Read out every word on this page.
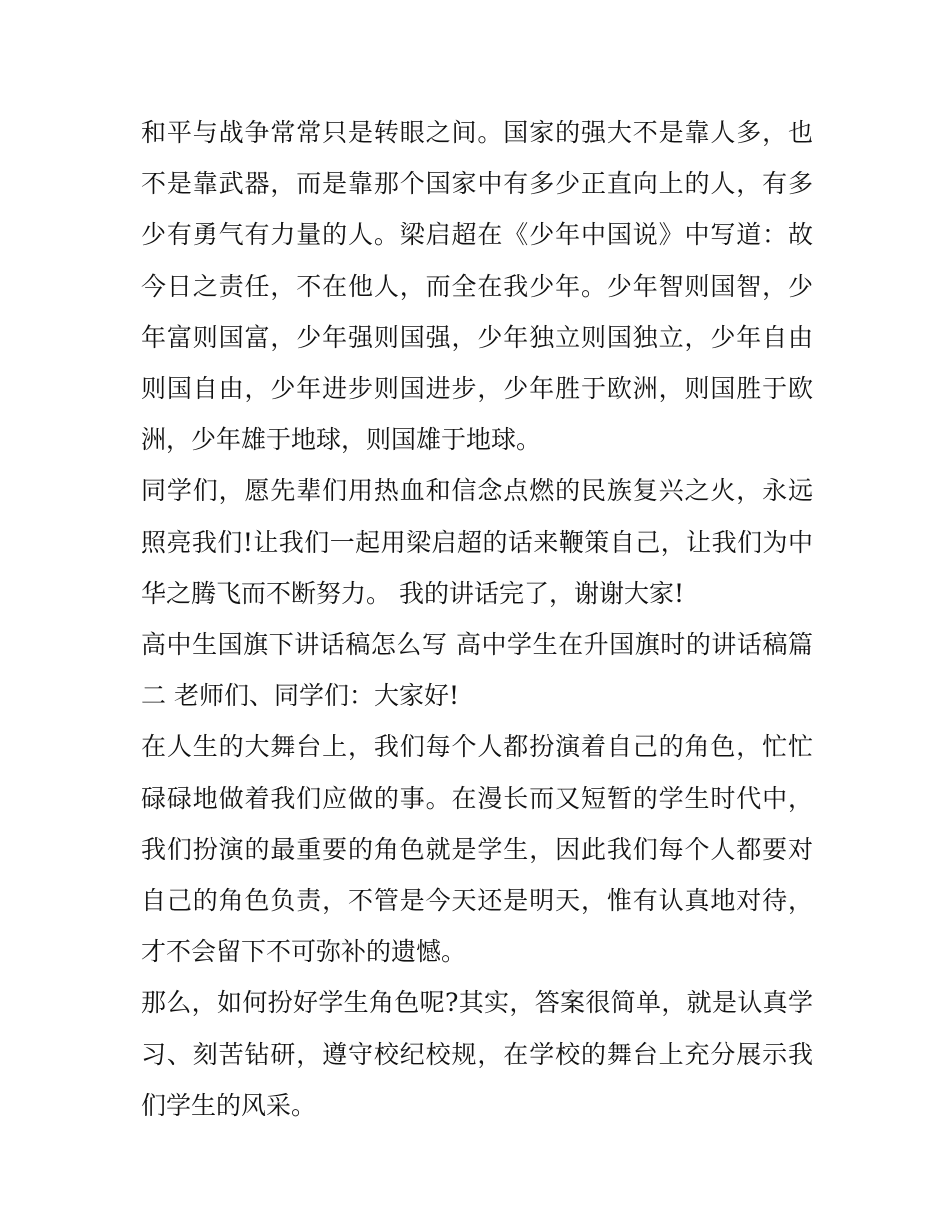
和平与战争常常只是转眼之间。国家的强大不是靠人多，也不是靠武器，而是靠那个国家中有多少正直向上的人，有多少有勇气有力量的人。梁启超在《少年中国说》中写道：故今日之责任，不在他人，而全在我少年。少年智则国智，少年富则国富，少年强则国强，少年独立则国独立，少年自由则国自由，少年进步则国进步，少年胜于欧洲，则国胜于欧洲，少年雄于地球，则国雄于地球。

同学们，愿先辈们用热血和信念点燃的民族复兴之火，永远照亮我们!让我们一起用梁启超的话来鞭策自己，让我们为中华之腾飞而不断努力。 我的讲话完了，谢谢大家!

高中生国旗下讲话稿怎么写 高中学生在升国旗时的讲话稿篇二 老师们、同学们：大家好!

在人生的大舞台上，我们每个人都扮演着自己的角色，忙忙碌碌地做着我们应做的事。在漫长而又短暂的学生时代中，我们扮演的最重要的角色就是学生，因此我们每个人都要对自己的角色负责，不管是今天还是明天，惟有认真地对待，才不会留下不可弥补的遗憾。

那么，如何扮好学生角色呢?其实，答案很简单，就是认真学习、刻苦钻研，遵守校纪校规，在学校的舞台上充分展示我们学生的风采。
